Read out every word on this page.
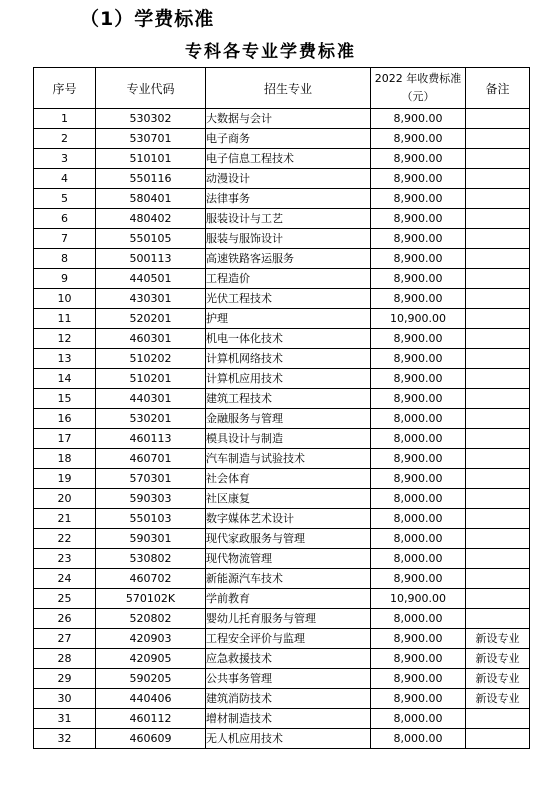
（1）学费标准
专科各专业学费标准
序号	专业代码	招生专业	2022 年收费标准（元）	备注
1	530302	大数据与会计	8,900.00	
2	530701	电子商务	8,900.00	
3	510101	电子信息工程技术	8,900.00	
4	550116	动漫设计	8,900.00	
5	580401	法律事务	8,900.00	
6	480402	服装设计与工艺	8,900.00	
7	550105	服装与服饰设计	8,900.00	
8	500113	高速铁路客运服务	8,900.00	
9	440501	工程造价	8,900.00	
10	430301	光伏工程技术	8,900.00	
11	520201	护理	10,900.00	
12	460301	机电一体化技术	8,900.00	
13	510202	计算机网络技术	8,900.00	
14	510201	计算机应用技术	8,900.00	
15	440301	建筑工程技术	8,900.00	
16	530201	金融服务与管理	8,000.00	
17	460113	模具设计与制造	8,000.00	
18	460701	汽车制造与试验技术	8,900.00	
19	570301	社会体育	8,900.00	
20	590303	社区康复	8,000.00	
21	550103	数字媒体艺术设计	8,000.00	
22	590301	现代家政服务与管理	8,000.00	
23	530802	现代物流管理	8,000.00	
24	460702	新能源汽车技术	8,900.00	
25	570102K	学前教育	10,900.00	
26	520802	婴幼儿托育服务与管理	8,000.00	
27	420903	工程安全评价与监理	8,900.00	新设专业
28	420905	应急救援技术	8,900.00	新设专业
29	590205	公共事务管理	8,900.00	新设专业
30	440406	建筑消防技术	8,900.00	新设专业
31	460112	增材制造技术	8,000.00	
32	460609	无人机应用技术	8,000.00	
